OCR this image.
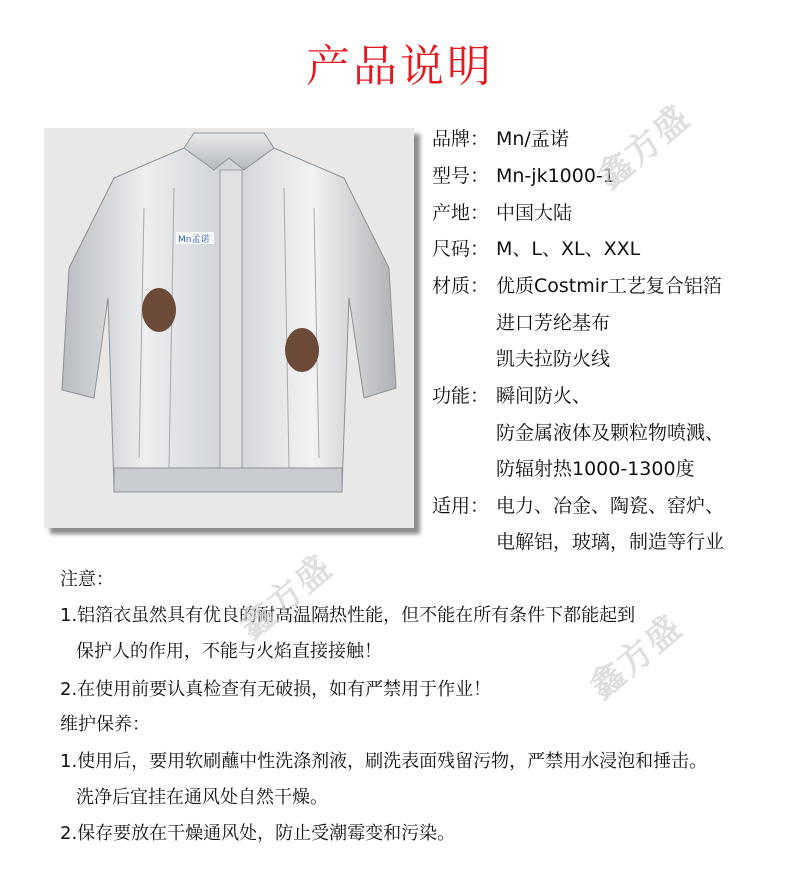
产品说明
Mn孟诺
品牌： Mn/孟诺
型号： Mn-jk1000-1
产地： 中国大陆
尺码： M、L、XL、XXL
材质： 优质Costmir工艺复合铝箔
进口芳纶基布
凯夫拉防火线
功能： 瞬间防火、
防金属液体及颗粒物喷溅、
防辐射热1000-1300度
适用： 电力、冶金、陶瓷、窑炉、
电解铝，玻璃，制造等行业
注意：
1.铝箔衣虽然具有优良的耐高温隔热性能，但不能在所有条件下都能起到
保护人的作用，不能与火焰直接接触！
2.在使用前要认真检查有无破损，如有严禁用于作业！
维护保养：
1.使用后，要用软刷蘸中性洗涤剂液，刷洗表面残留污物，严禁用水浸泡和捶击。
洗净后宜挂在通风处自然干燥。
2.保存要放在干燥通风处，防止受潮霉变和污染。
鑫方盛
鑫方盛
鑫方盛
